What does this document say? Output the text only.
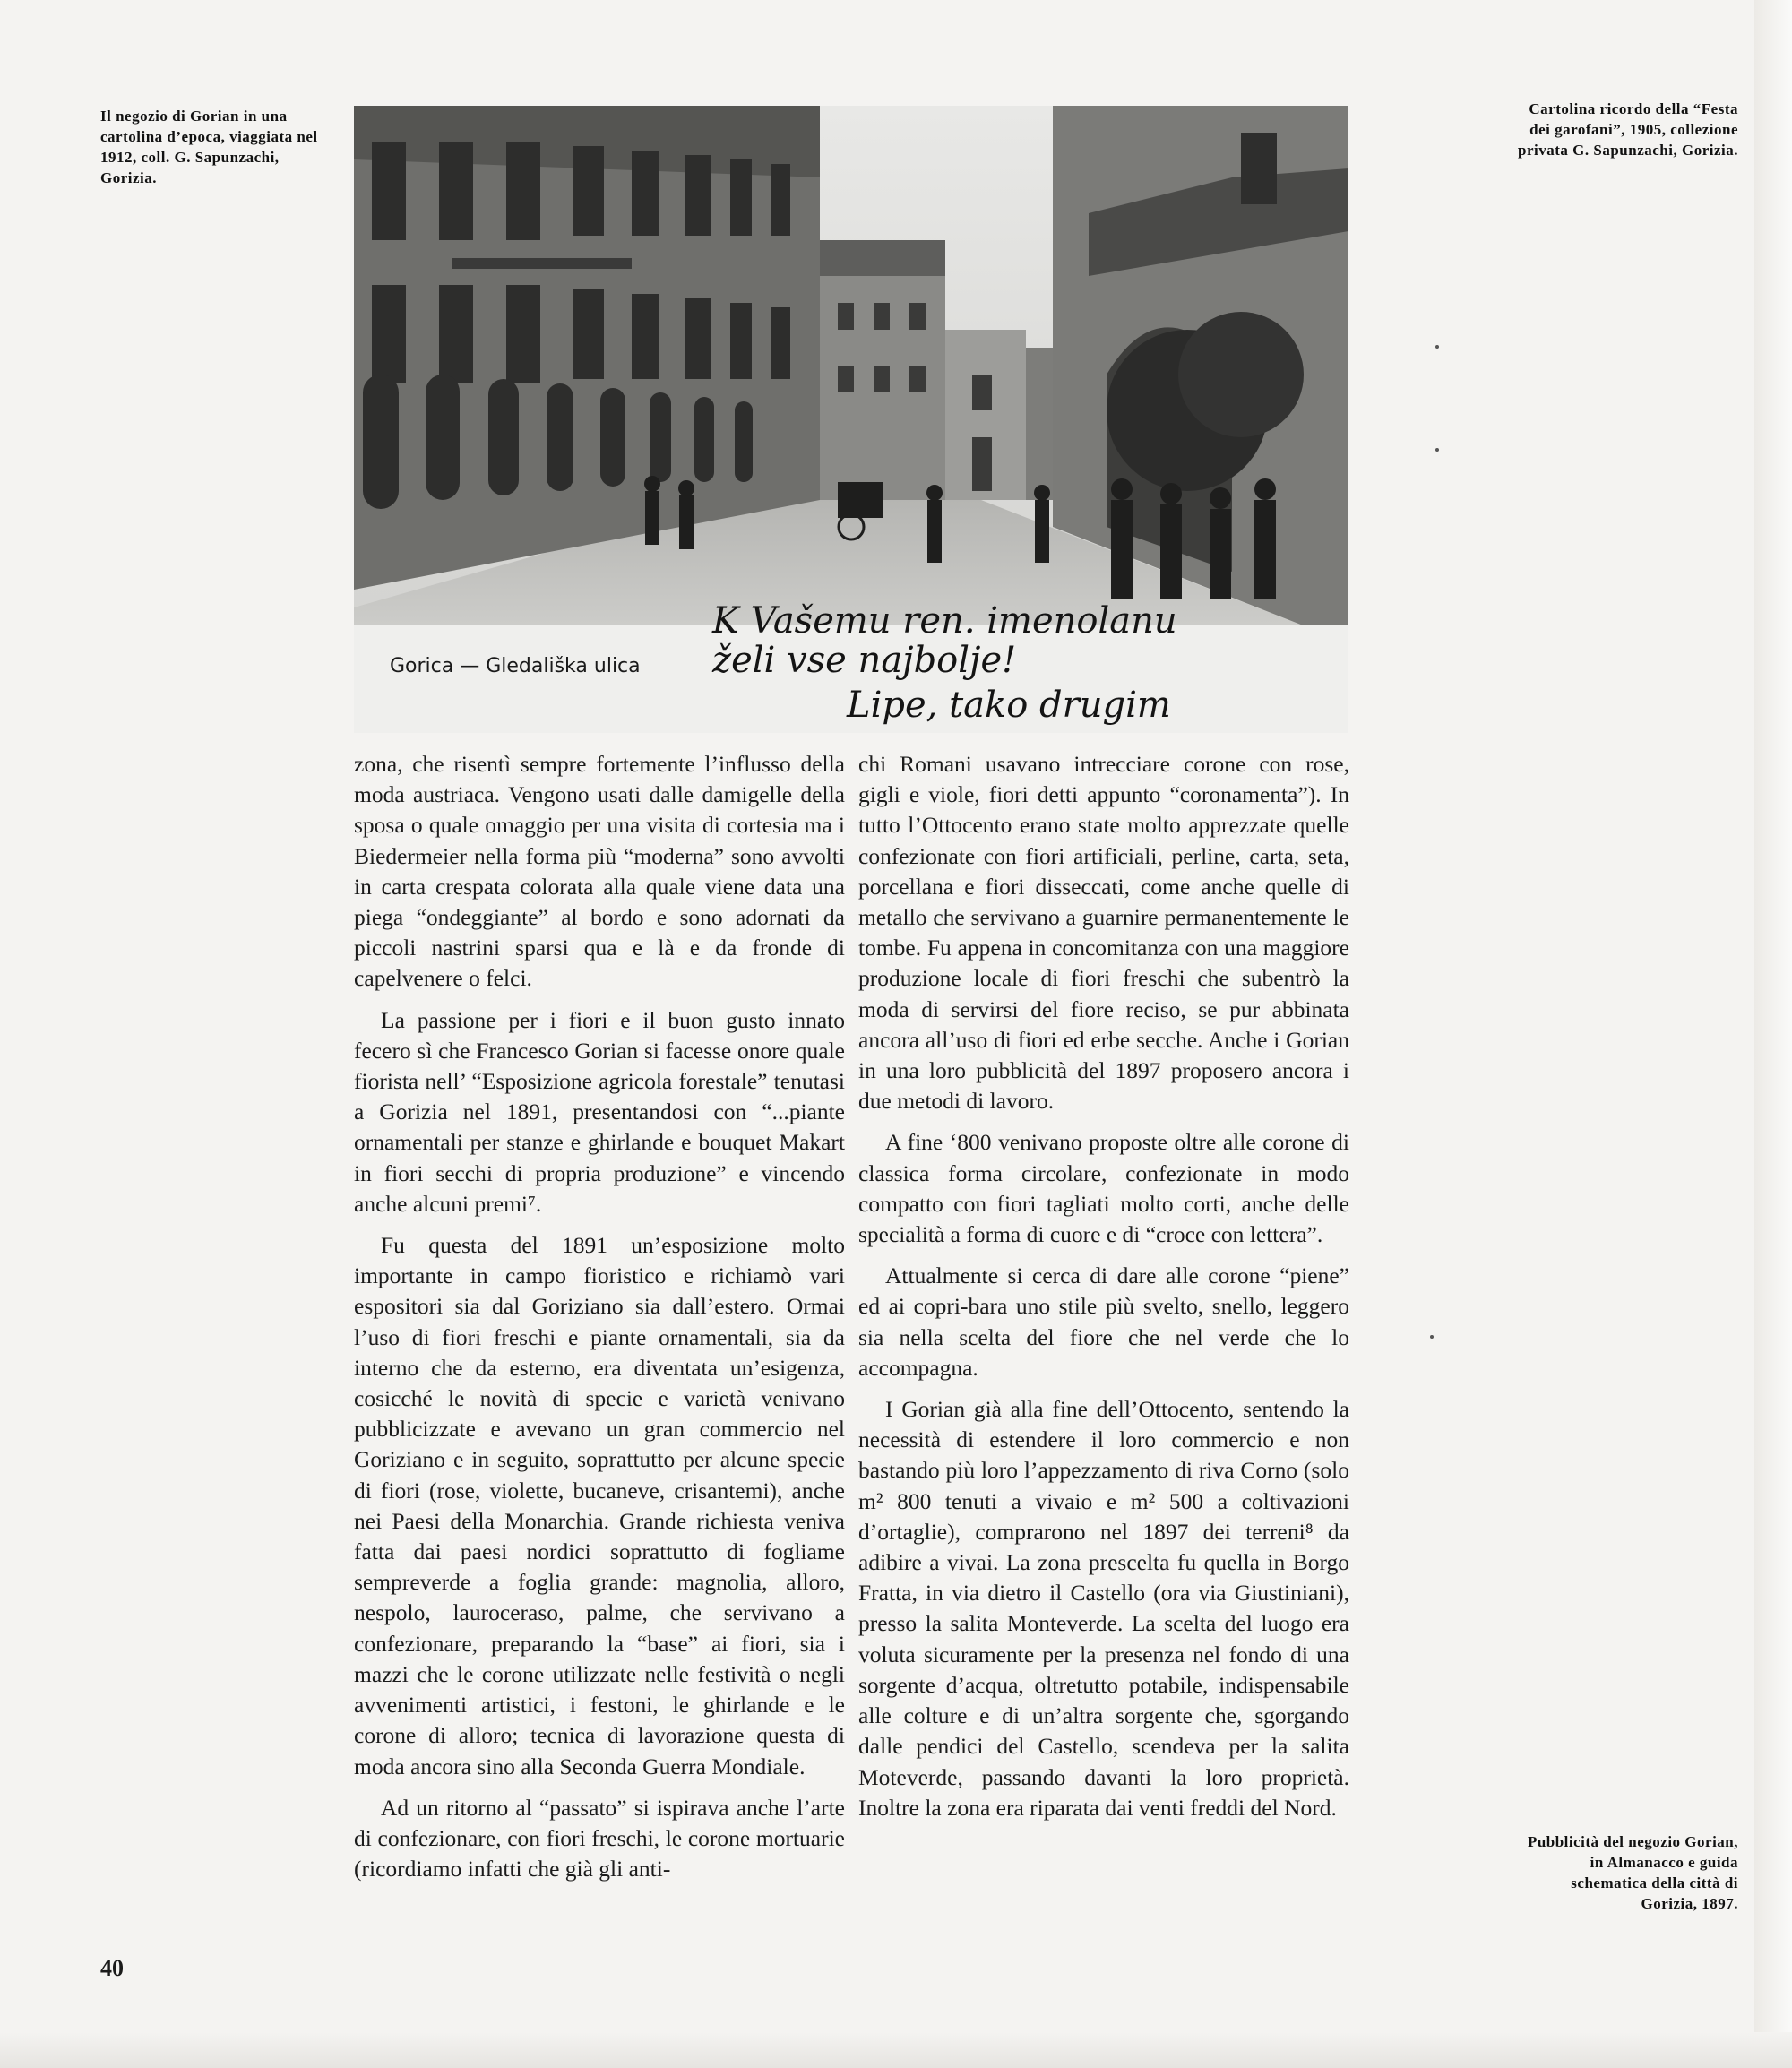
Il negozio di Gorian in una cartolina d’epoca, viaggiata nel 1912, coll. G. Sapunzachi, Gorizia.
Cartolina ricordo della “Festa dei garofani”, 1905, collezione privata G. Sapunzachi, Gorizia.
Pubblicità del negozio Gorian, in Almanacco e guida schematica della città di Gorizia, 1897.
Gorica — Gledališka ulica
K Vašemu ren. imenolanu
želi vse najbolje!
Lipe, tako drugim

zona, che risentì sempre fortemente l’influsso della moda austriaca. Vengono usati dalle damigelle della sposa o quale omaggio per una visita di cortesia ma i Biedermeier nella forma più “moderna” sono avvolti in carta crespata colorata alla quale viene data una piega “ondeggiante” al bordo e sono adornati da piccoli nastrini sparsi qua e là e da fronde di capelvenere o felci.

La passione per i fiori e il buon gusto innato fecero sì che Francesco Gorian si facesse onore quale fiorista nell’ “Esposizione agricola forestale” tenutasi a Gorizia nel 1891, presentandosi con “...piante ornamentali per stanze e ghirlande e bouquet Makart in fiori secchi di propria produzione” e vincendo anche alcuni premi⁷.

Fu questa del 1891 un’esposizione molto importante in campo fioristico e richiamò vari espositori sia dal Goriziano sia dall’estero. Ormai l’uso di fiori freschi e piante ornamentali, sia da interno che da esterno, era diventata un’esigenza, cosicché le novità di specie e varietà venivano pubblicizzate e avevano un gran commercio nel Goriziano e in seguito, soprattutto per alcune specie di fiori (rose, violette, bucaneve, crisantemi), anche nei Paesi della Monarchia. Grande richiesta veniva fatta dai paesi nordici soprattutto di fogliame sempreverde a foglia grande: magnolia, alloro, nespolo, lauroceraso, palme, che servivano a confezionare, preparando la “base” ai fiori, sia i mazzi che le corone utilizzate nelle festività o negli avvenimenti artistici, i festoni, le ghirlande e le corone di alloro; tecnica di lavorazione questa di moda ancora sino alla Seconda Guerra Mondiale.

Ad un ritorno al “passato” si ispirava anche l’arte di confezionare, con fiori freschi, le corone mortuarie (ricordiamo infatti che già gli anti-

chi Romani usavano intrecciare corone con rose, gigli e viole, fiori detti appunto “coronamenta”). In tutto l’Ottocento erano state molto apprezzate quelle confezionate con fiori artificiali, perline, carta, seta, porcellana e fiori disseccati, come anche quelle di metallo che servivano a guarnire permanentemente le tombe. Fu appena in concomitanza con una maggiore produzione locale di fiori freschi che subentrò la moda di servirsi del fiore reciso, se pur abbinata ancora all’uso di fiori ed erbe secche. Anche i Gorian in una loro pubblicità del 1897 proposero ancora i due metodi di lavoro.

A fine ‘800 venivano proposte oltre alle corone di classica forma circolare, confezionate in modo compatto con fiori tagliati molto corti, anche delle specialità a forma di cuore e di “croce con lettera”.

Attualmente si cerca di dare alle corone “piene” ed ai copri-bara uno stile più svelto, snello, leggero sia nella scelta del fiore che nel verde che lo accompagna.

I Gorian già alla fine dell’Ottocento, sentendo la necessità di estendere il loro commercio e non bastando più loro l’appezzamento di riva Corno (solo m² 800 tenuti a vivaio e m² 500 a coltivazioni d’ortaglie), comprarono nel 1897 dei terreni⁸ da adibire a vivai. La zona prescelta fu quella in Borgo Fratta, in via dietro il Castello (ora via Giustiniani), presso la salita Monteverde. La scelta del luogo era voluta sicuramente per la presenza nel fondo di una sorgente d’acqua, oltretutto potabile, indispensabile alle colture e di un’altra sorgente che, sgorgando dalle pendici del Castello, scendeva per la salita Moteverde, passando davanti la loro proprietà. Inoltre la zona era riparata dai venti freddi del Nord.

40
